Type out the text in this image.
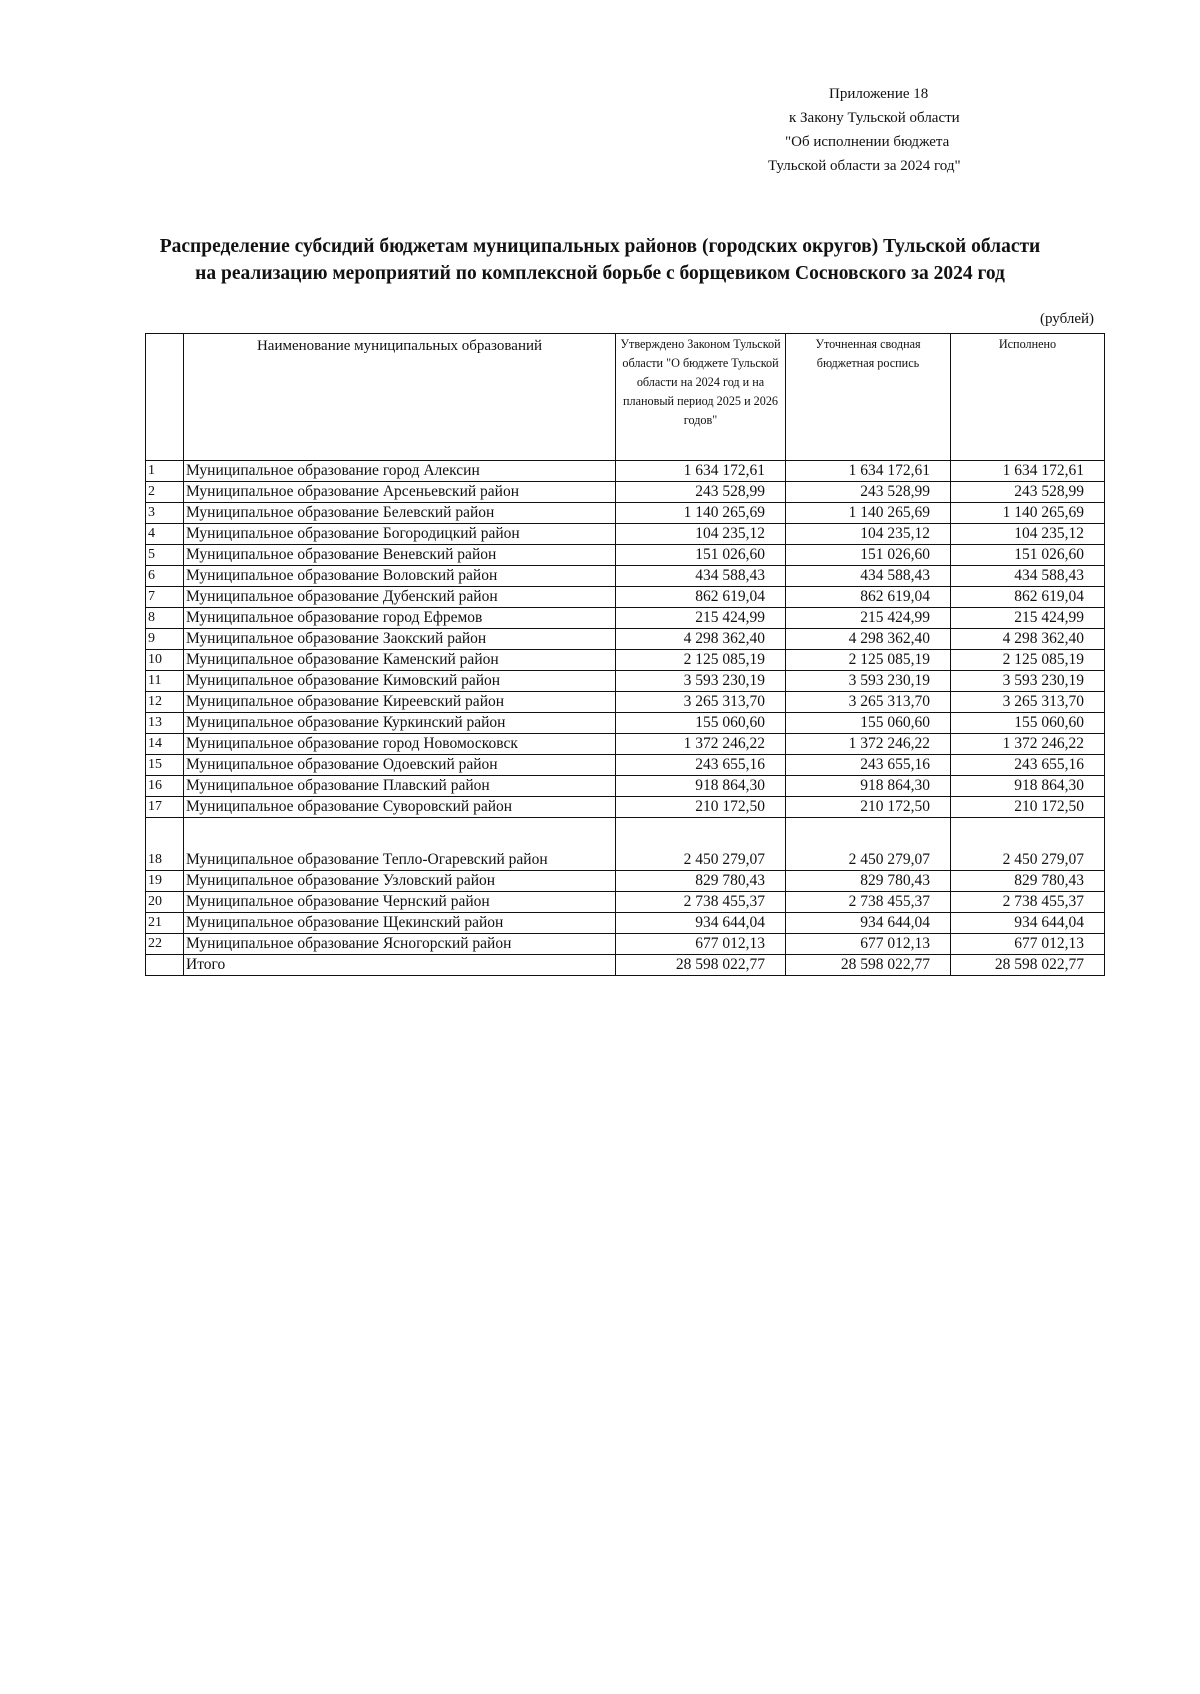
Приложение 18
к Закону Тульской области
"Об исполнении бюджета
Тульской области за 2024 год"
Распределение субсидий бюджетам муниципальных районов (городских округов) Тульской области
на реализацию мероприятий по комплексной борьбе с борщевиком Сосновского за 2024 год
(рублей)
	Наименование муниципальных образований	Утверждено Законом Тульской области "О бюджете Тульской области на 2024 год и на плановый период 2025 и 2026 годов"	Уточненная сводная бюджетная роспись	Исполнено
1	Муниципальное образование город Алексин	1 634 172,61	1 634 172,61	1 634 172,61
2	Муниципальное образование Арсеньевский район	243 528,99	243 528,99	243 528,99
3	Муниципальное образование Белевский район	1 140 265,69	1 140 265,69	1 140 265,69
4	Муниципальное образование Богородицкий район	104 235,12	104 235,12	104 235,12
5	Муниципальное образование Веневский район	151 026,60	151 026,60	151 026,60
6	Муниципальное образование Воловский район	434 588,43	434 588,43	434 588,43
7	Муниципальное образование Дубенский район	862 619,04	862 619,04	862 619,04
8	Муниципальное образование город Ефремов	215 424,99	215 424,99	215 424,99
9	Муниципальное образование Заокский район	4 298 362,40	4 298 362,40	4 298 362,40
10	Муниципальное образование Каменский район	2 125 085,19	2 125 085,19	2 125 085,19
11	Муниципальное образование Кимовский район	3 593 230,19	3 593 230,19	3 593 230,19
12	Муниципальное образование Киреевский район	3 265 313,70	3 265 313,70	3 265 313,70
13	Муниципальное образование Куркинский район	155 060,60	155 060,60	155 060,60
14	Муниципальное образование город Новомосковск	1 372 246,22	1 372 246,22	1 372 246,22
15	Муниципальное образование Одоевский район	243 655,16	243 655,16	243 655,16
16	Муниципальное образование Плавский район	918 864,30	918 864,30	918 864,30
17	Муниципальное образование Суворовский район	210 172,50	210 172,50	210 172,50
18	Муниципальное образование Тепло-Огаревский район	2 450 279,07	2 450 279,07	2 450 279,07
19	Муниципальное образование Узловский район	829 780,43	829 780,43	829 780,43
20	Муниципальное образование Чернский район	2 738 455,37	2 738 455,37	2 738 455,37
21	Муниципальное образование Щекинский район	934 644,04	934 644,04	934 644,04
22	Муниципальное образование Ясногорский район	677 012,13	677 012,13	677 012,13
	Итого	28 598 022,77	28 598 022,77	28 598 022,77
